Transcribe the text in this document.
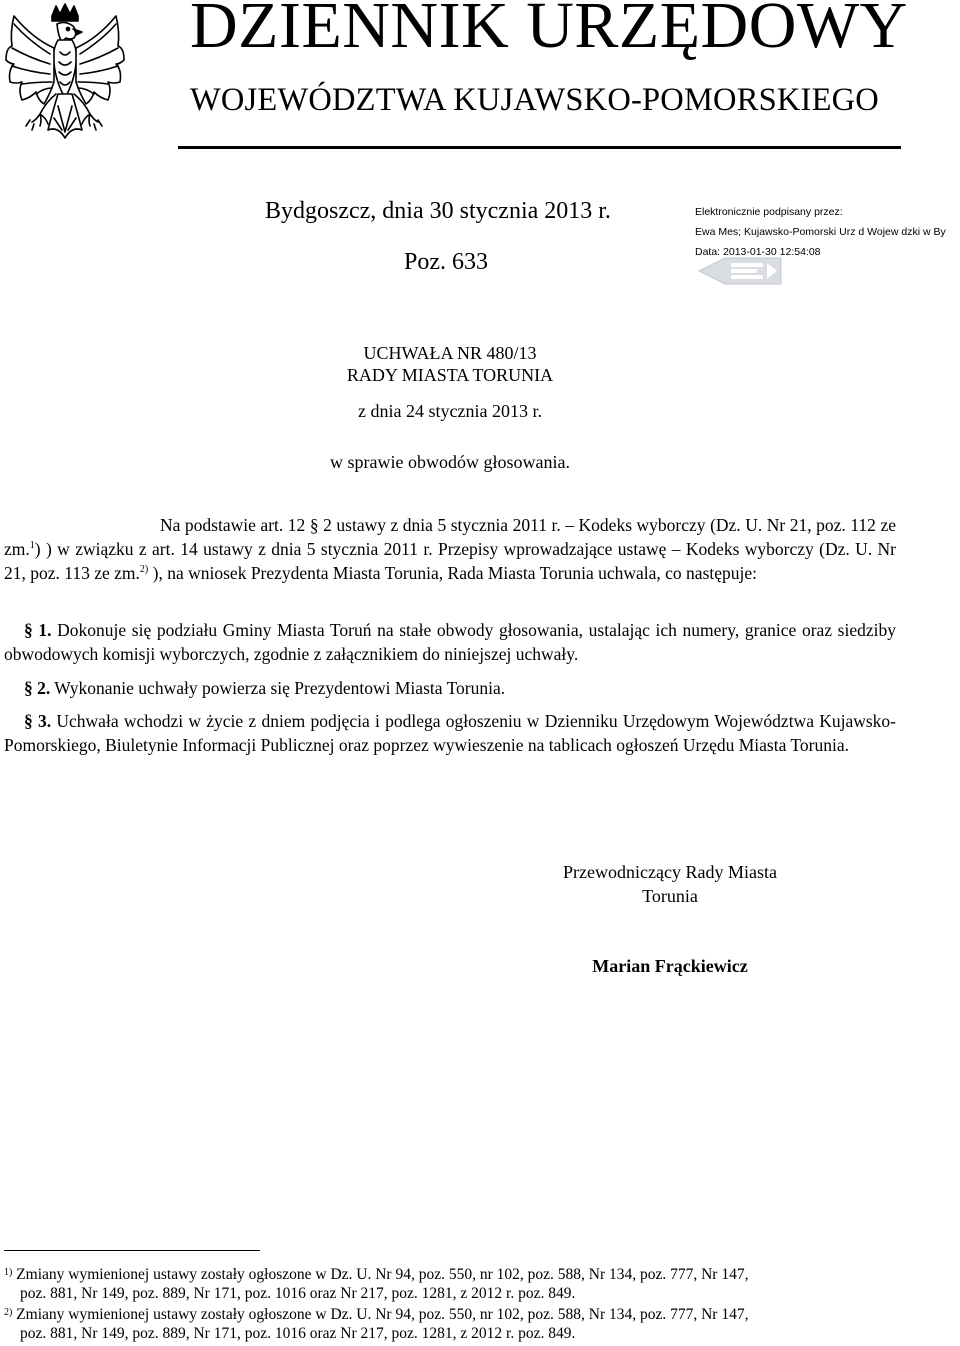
DZIENNIK URZĘDOWY
WOJEWÓDZTWA KUJAWSKO-POMORSKIEGO
Bydgoszcz, dnia 30 stycznia 2013 r.
Poz. 633
Elektronicznie podpisany przez:
Ewa Mes; Kujawsko-Pomorski Urz d Wojew dzki w By
Data: 2013-01-30 12:54:08
UCHWAŁA NR 480/13
RADY MIASTA TORUNIA
z dnia 24 stycznia 2013 r.
w sprawie obwodów głosowania.
Na podstawie art. 12 § 2 ustawy z dnia 5 stycznia 2011 r. – Kodeks wyborczy (Dz. U. Nr 21, poz. 112 ze zm.$^1$) ) w związku z art. 14 ustawy z dnia 5 stycznia 2011 r. Przepisy wprowadzające ustawę – Kodeks wyborczy (Dz. U. Nr 21, poz. 113 ze zm.$^{2)}$ ), na wniosek Prezydenta Miasta Torunia, Rada Miasta Torunia uchwala, co następuje:
§ 1. Dokonuje się podziału Gminy Miasta Toruń na stałe obwody głosowania, ustalając ich numery, granice oraz siedziby obwodowych komisji wyborczych, zgodnie z załącznikiem do niniejszej uchwały.
§ 2. Wykonanie uchwały powierza się Prezydentowi Miasta Torunia.
§ 3. Uchwała wchodzi w życie z dniem podjęcia i podlega ogłoszeniu w Dzienniku Urzędowym Województwa Kujawsko-Pomorskiego, Biuletynie Informacji Publicznej oraz poprzez wywieszenie na tablicach ogłoszeń Urzędu Miasta Torunia.
Przewodniczący Rady Miasta
Torunia
Marian Frąckiewicz
$^{1)}$ Zmiany wymienionej ustawy zostały ogłoszone w Dz. U. Nr 94, poz. 550, nr 102, poz. 588, Nr 134, poz. 777, Nr 147,
poz. 881, Nr 149, poz. 889, Nr 171, poz. 1016 oraz Nr 217, poz. 1281, z 2012 r. poz. 849.
$^{2)}$ Zmiany wymienionej ustawy zostały ogłoszone w Dz. U. Nr 94, poz. 550, nr 102, poz. 588, Nr 134, poz. 777, Nr 147,
poz. 881, Nr 149, poz. 889, Nr 171, poz. 1016 oraz Nr 217, poz. 1281, z 2012 r. poz. 849.
